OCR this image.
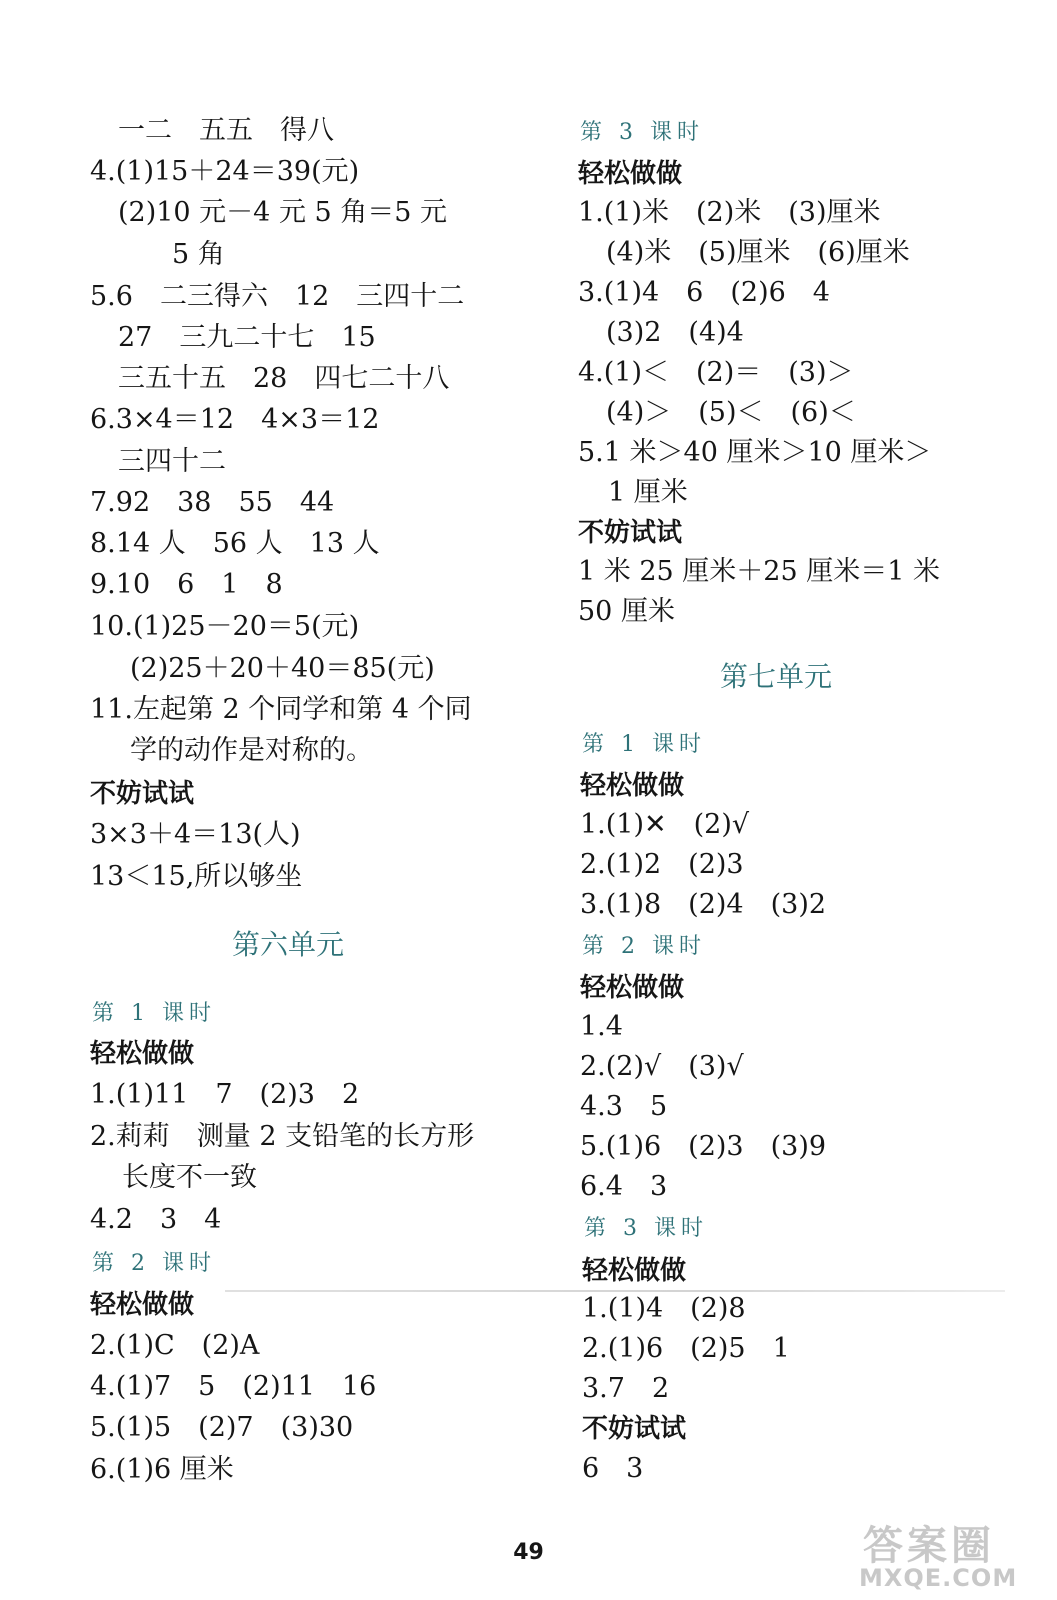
一二　五五　得八
4.(1)15＋24＝39(元)
(2)10 元－4 元 5 角＝5 元
5 角
5.6　二三得六　12　三四十二
27　三九二十七　15
三五十五　28　四七二十八
6.3×4＝12　4×3＝12
三四十二
7.92　38　55　44
8.14 人　56 人　13 人
9.10　6　1　8
10.(1)25－20＝5(元)
(2)25＋20＋40＝85(元)
11.左起第 2 个同学和第 4 个同
学的动作是对称的。
不妨试试
3×3＋4＝13(人)
13＜15,所以够坐
第六单元
第 1 课时
轻松做做
1.(1)11　7　(2)3　2
2.莉莉　测量 2 支铅笔的长方形
长度不一致
4.2　3　4
第 2 课时
轻松做做
2.(1)C　(2)A
4.(1)7　5　(2)11　16
5.(1)5　(2)7　(3)30
6.(1)6 厘米
第 3 课时
轻松做做
1.(1)米　(2)米　(3)厘米
(4)米　(5)厘米　(6)厘米
3.(1)4　6　(2)6　4
(3)2　(4)4
4.(1)＜　(2)＝　(3)＞
(4)＞　(5)＜　(6)＜
5.1 米＞40 厘米＞10 厘米＞
1 厘米
不妨试试
1 米 25 厘米＋25 厘米＝1 米
50 厘米
第七单元
第 1 课时
轻松做做
1.(1)✕　(2)√
2.(1)2　(2)3
3.(1)8　(2)4　(3)2
第 2 课时
轻松做做
1.4
2.(2)√　(3)√
4.3　5
5.(1)6　(2)3　(3)9
6.4　3
第 3 课时
轻松做做
1.(1)4　(2)8
2.(1)6　(2)5　1
3.7　2
不妨试试
6　3
49	答案圈
MXQE.COM
